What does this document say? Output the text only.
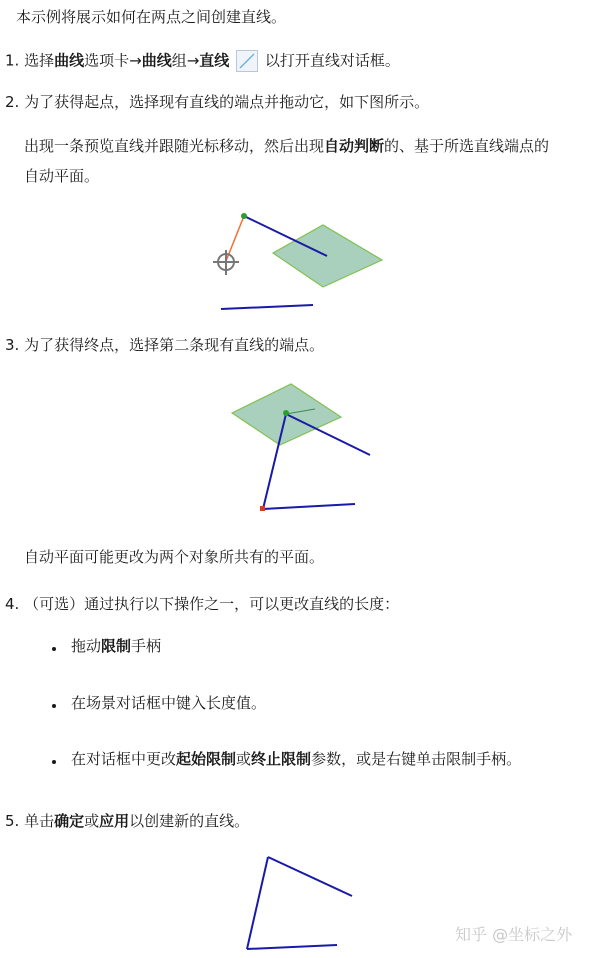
本示例将展示如何在两点之间创建直线。
1. 选择曲线选项卡→曲线组→直线 以打开直线对话框。
2. 为了获得起点，选择现有直线的端点并拖动它，如下图所示。
出现一条预览直线并跟随光标移动，然后出现自动判断的、基于所选直线端点的
自动平面。
3. 为了获得终点，选择第二条现有直线的端点。
自动平面可能更改为两个对象所共有的平面。
4. （可选）通过执行以下操作之一，可以更改直线的长度：
拖动限制手柄
在场景对话框中键入长度值。
在对话框中更改起始限制或终止限制参数，或是右键单击限制手柄。
5. 单击确定或应用以创建新的直线。
知乎 @坐标之外
